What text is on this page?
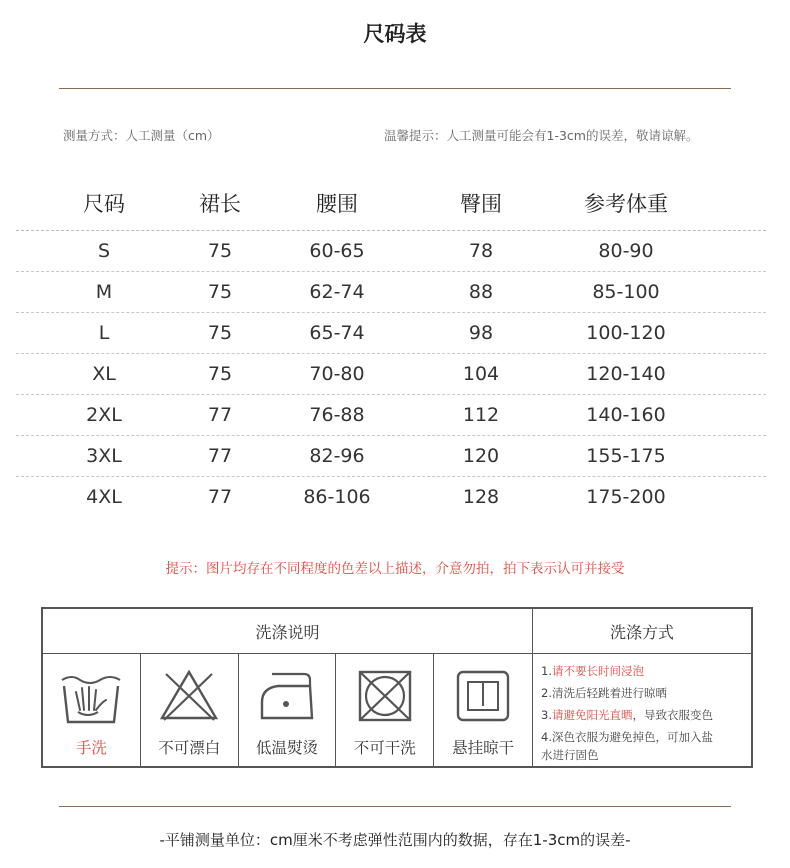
尺码表
测量方式：人工测量（cm）	温馨提示：人工测量可能会有1-3cm的误差，敬请谅解。
尺码	裙长	腰围	臀围	参考体重
S	75	60-65	78	80-90
M	75	62-74	88	85-100
L	75	65-74	98	100-120
XL	75	70-80	104	120-140
2XL	77	76-88	112	140-160
3XL	77	82-96	120	155-175
4XL	77	86-106	128	175-200
提示：图片均存在不同程度的色差以上描述，介意勿拍，拍下表示认可并接受
洗涤说明
手洗	不可漂白	低温熨烫	不可干洗	悬挂晾干
洗涤方式
1.请不要长时间浸泡
2.清洗后轻跳着进行晾晒
3.请避免阳光直晒，导致衣服变色
4.深色衣服为避免掉色，可加入盐
水进行固色
-平铺测量单位：cm厘米不考虑弹性范围内的数据，存在1-3cm的误差-
